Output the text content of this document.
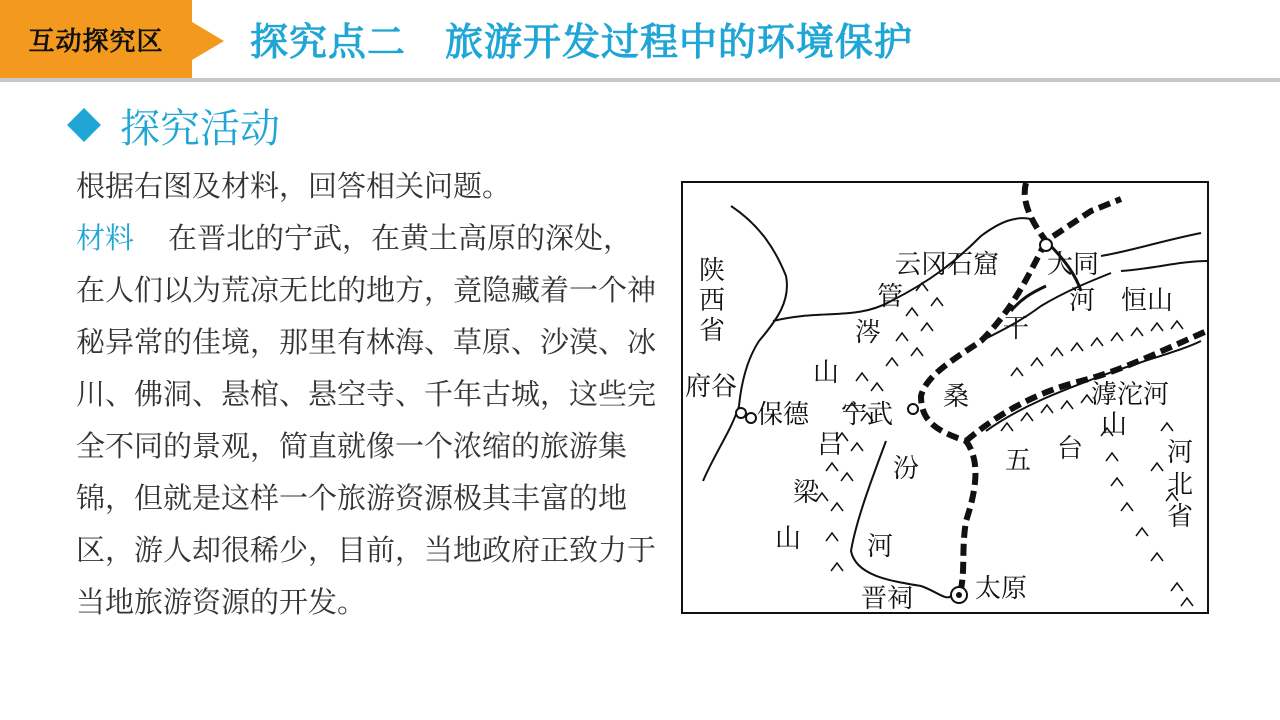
互动探究区 探究点二　旅游开发过程中的环境保护
探究活动

根据右图及材料，回答相关问题。

材料 在晋北的宁武，在黄土高原的深处，在人们以为荒凉无比的地方，竟隐藏着一个神秘异常的佳境，那里有林海、草原、沙漠、冰川、佛洞、悬棺、悬空寺、千年古城，这些完全不同的景观，简直就像一个浓缩的旅游集锦，但就是这样一个旅游资源极其丰富的地区，游人却很稀少，目前，当地政府正致力于当地旅游资源的开发。

陕
西
省
府谷
保德
云冈石窟 大同
河 恒山
管
涔
山
干
桑
宁武
滹沱河
吕
梁
山
汾
河
五 台
山
河
北
省
晋祠 太原
